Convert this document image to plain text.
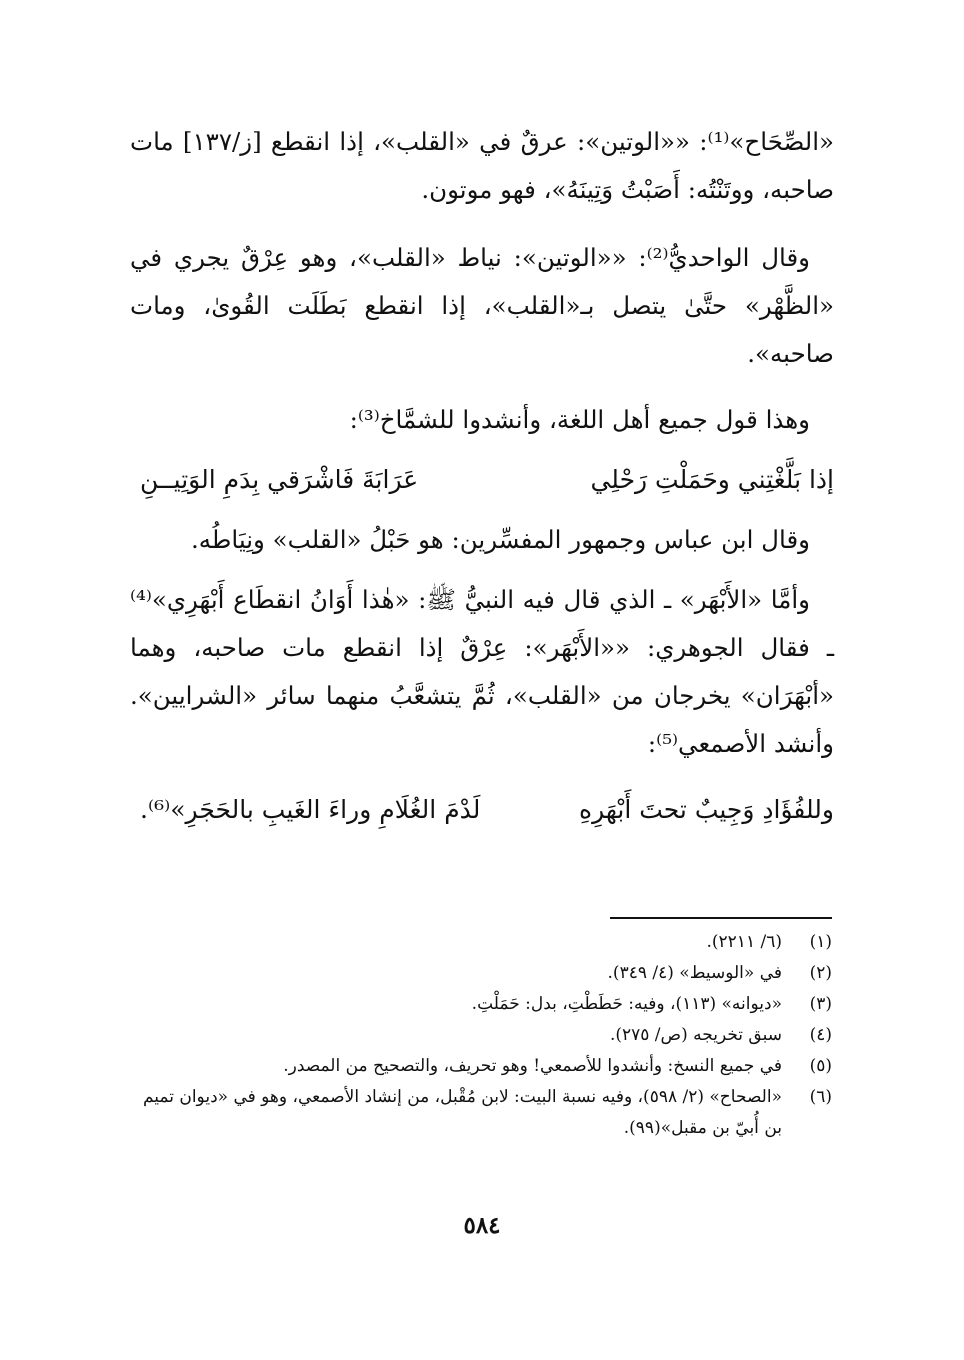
«الصِّحَاح»⁽¹⁾: ««الوتين»: عرقٌ في «القلب»، إذا انقطع [ز/١٣٧] مات صاحبه، ووتَنْتُه: أَصَبْتُ وَتِينَهُ»، فهو موتون.

وقال الواحديُّ⁽²⁾: ««الوتين»: نياط «القلب»، وهو عِرْقٌ يجري في «الظَّهْر» حتَّىٰ يتصل بـ«القلب»، إذا انقطع بَطَلَت القُوىٰ، ومات صاحبه».

وهذا قول جميع أهل اللغة، وأنشدوا للشمَّاخ⁽³⁾:

إذا بَلَّغْتِني وحَمَلْتِ رَحْلِي
عَرَابَةَ فَاشْرَقي بِدَمِ الوَتِيــنِ

وقال ابن عباس وجمهور المفسِّرين: هو حَبْلُ «القلب» ونِيَاطُه.

وأمَّا «الأَبْهَر» ـ الذي قال فيه النبيُّ ﷺ: «هٰذا أَوَانُ انقطَاع أَبْهَرِي»⁽⁴⁾ ـ فقال الجوهري: ««الأَبْهَر»: عِرْقٌ إذا انقطع مات صاحبه، وهما «أبْهَرَان» يخرجان من «القلب»، ثُمَّ يتشعَّبُ منهما سائر «الشرايين». وأنشد الأصمعي⁽⁵⁾:

وللفُؤَادِ وَجِيبٌ تحتَ أَبْهَرِهِ
لَدْمَ الغُلَامِ وراءَ الغَيبِ بالحَجَرِ»⁽⁶⁾.

(١)
(٦/ ٢٢١١).

(٢)
في «الوسيط» (٤/ ٣٤٩).

(٣)
«ديوانه» (١١٣)، وفيه: حَطَطْتِ، بدل: حَمَلْتِ.

(٤)
سبق تخريجه (ص/ ٢٧٥).

(٥)
في جميع النسخ: وأنشدوا للأصمعي! وهو تحريف، والتصحيح من المصدر.

(٦)
«الصحاح» (٢/ ٥٩٨)، وفيه نسبة البيت: لابن مُقْبل، من إنشاد الأصمعي، وهو في «ديوان تميم بن أُبيّ بن مقبل»(٩٩).

٥٨٤
